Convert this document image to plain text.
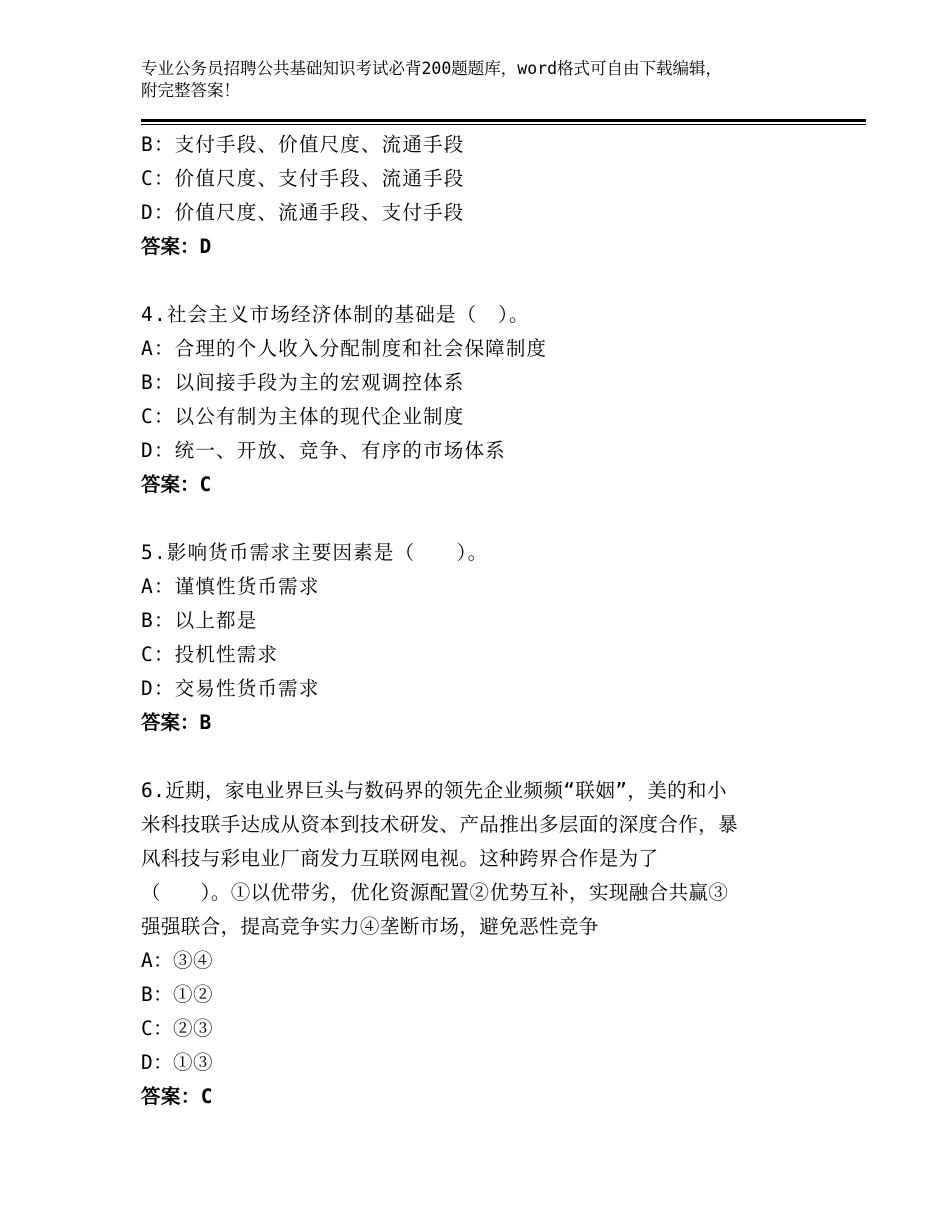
专业公务员招聘公共基础知识考试必背200题题库，word格式可自由下载编辑，
附完整答案！
B：支付手段、价值尺度、流通手段
C：价值尺度、支付手段、流通手段
D：价值尺度、流通手段、支付手段
答案：D
4.社会主义市场经济体制的基础是（　）。
A：合理的个人收入分配制度和社会保障制度
B：以间接手段为主的宏观调控体系
C：以公有制为主体的现代企业制度
D：统一、开放、竞争、有序的市场体系
答案：C
5.影响货币需求主要因素是（　　）。
A：谨慎性货币需求
B：以上都是
C：投机性需求
D：交易性货币需求
答案：B
6.近期，家电业界巨头与数码界的领先企业频频“联姻”，美的和小
米科技联手达成从资本到技术研发、产品推出多层面的深度合作，暴
风科技与彩电业厂商发力互联网电视。这种跨界合作是为了
（　　）。①以优带劣，优化资源配置②优势互补，实现融合共赢③
强强联合，提高竞争实力④垄断市场，避免恶性竞争
A：③④
B：①②
C：②③
D：①③
答案：C
